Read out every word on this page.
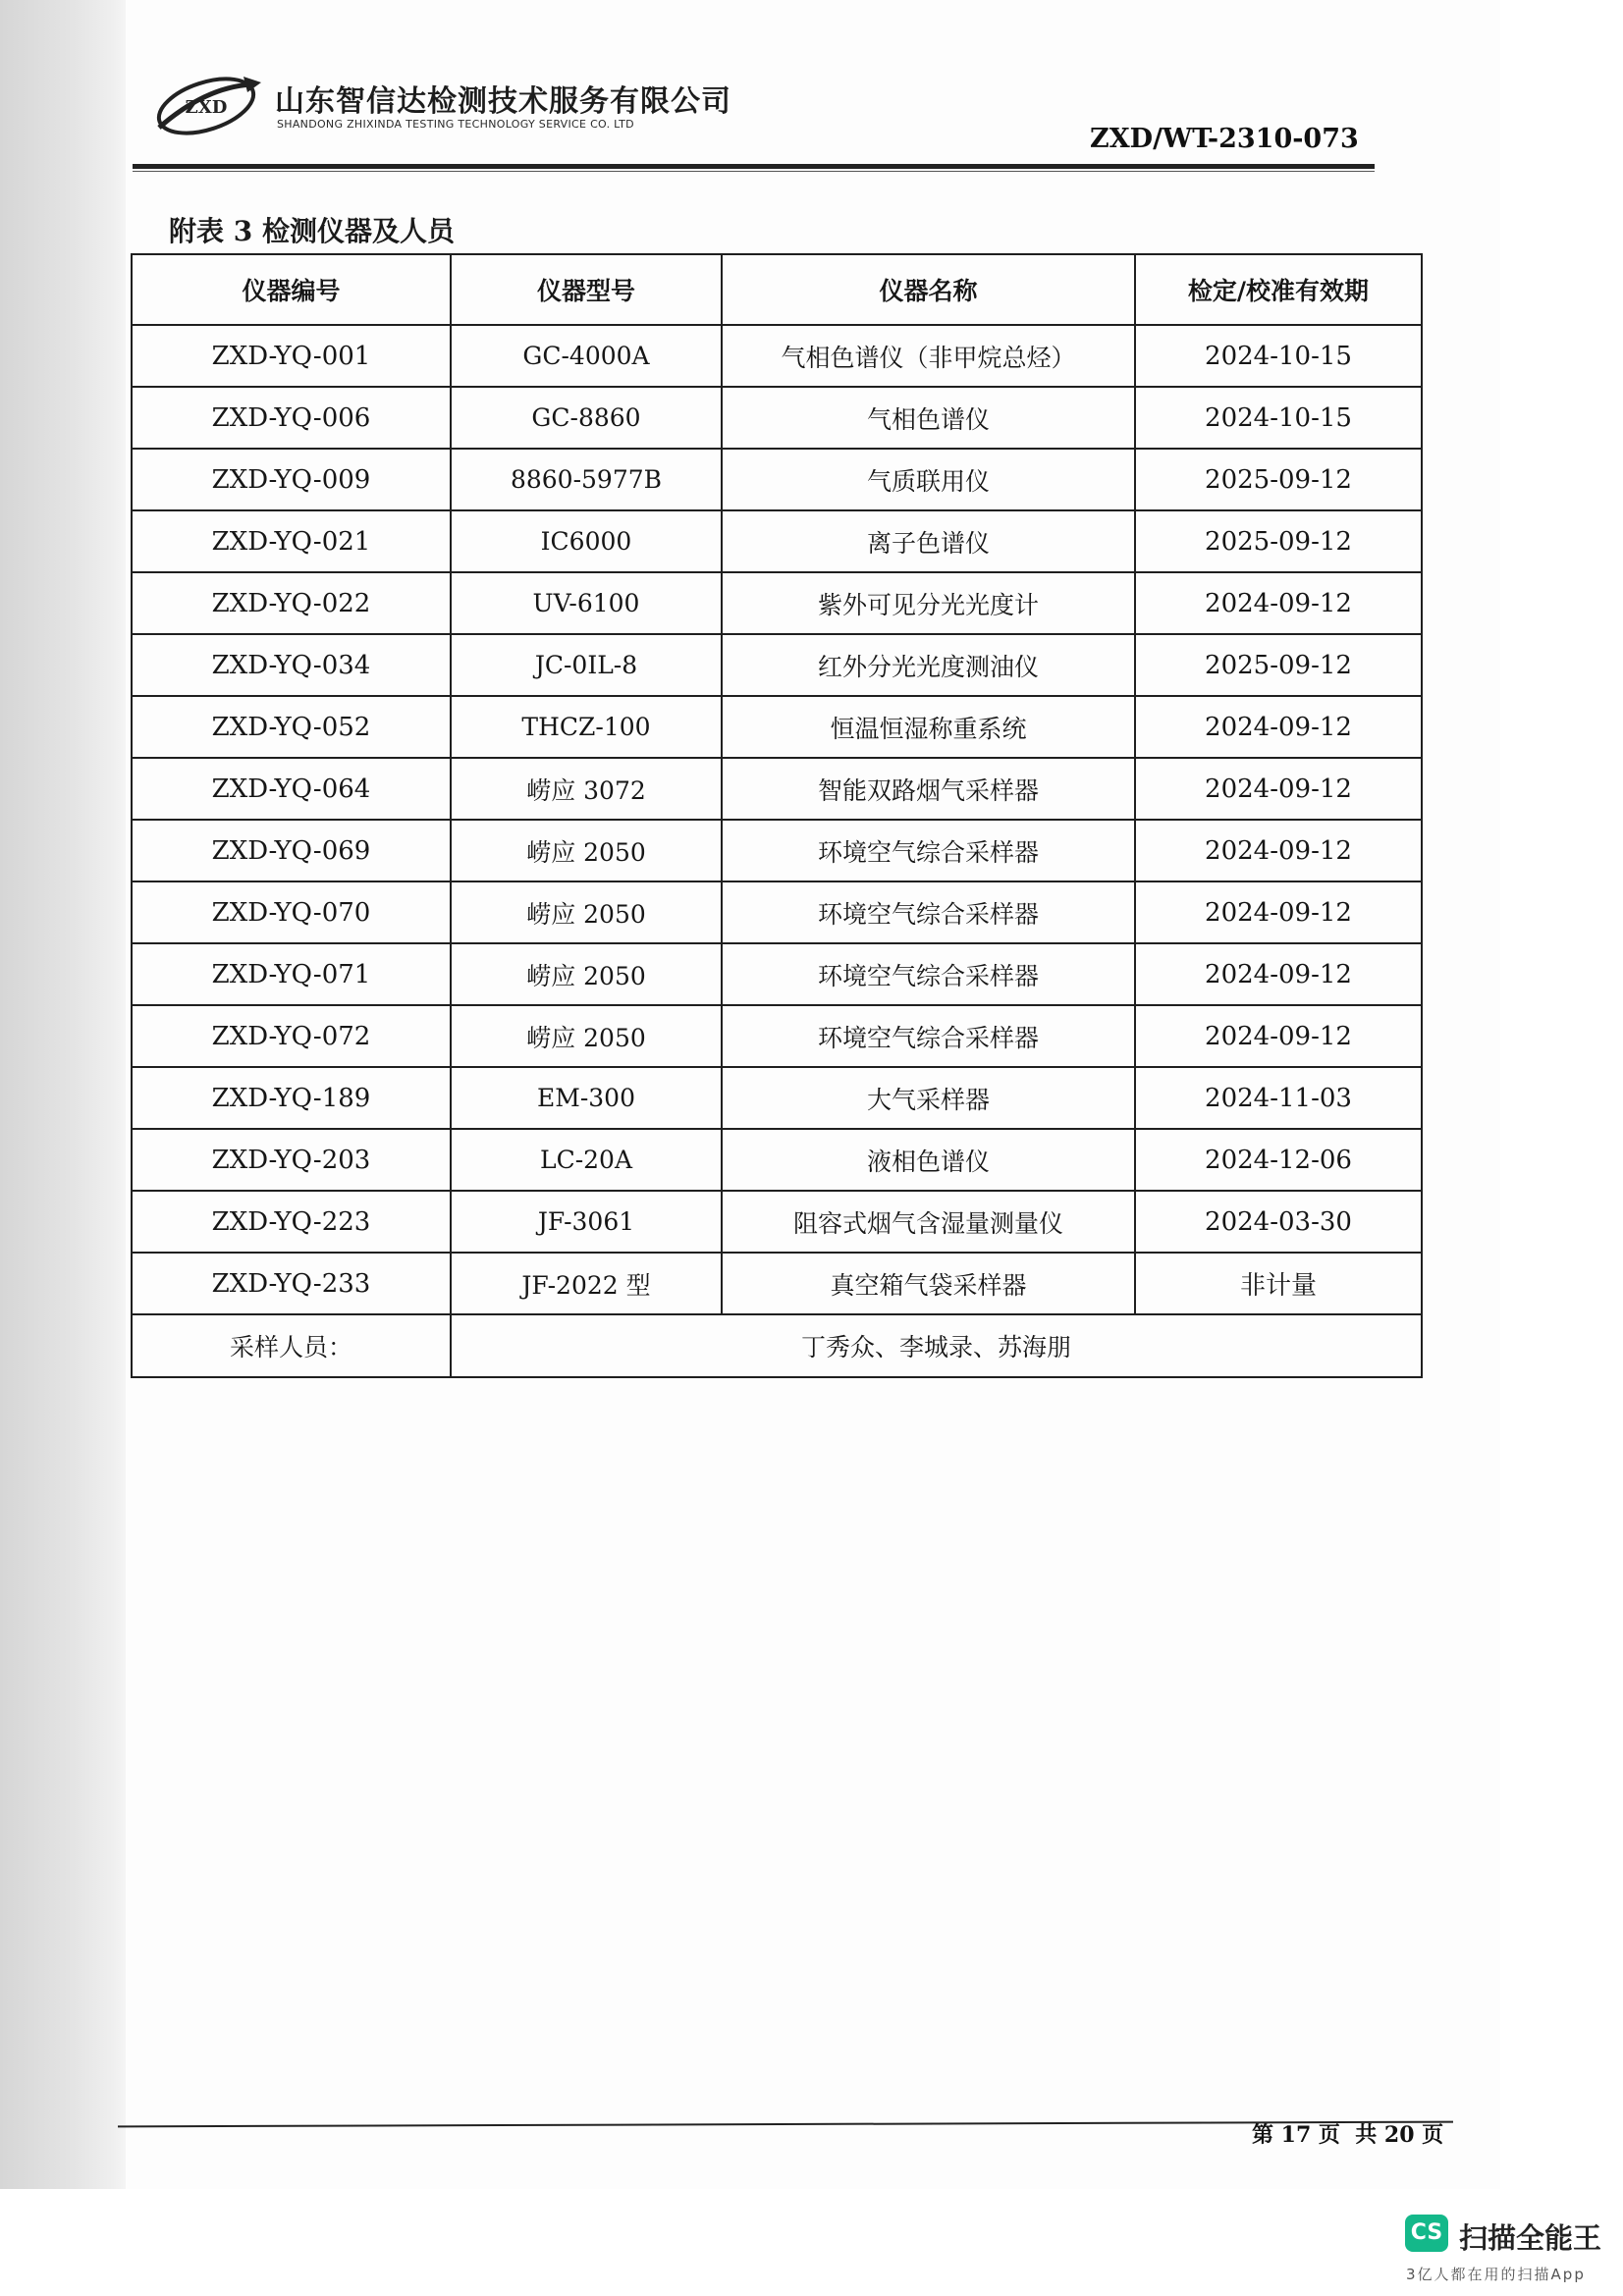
ZXD 山东智信达检测技术服务有限公司
SHANDONG ZHIXINDA TESTING TECHNOLOGY SERVICE CO. LTD	ZXD/WT-2310-073
附表 3 检测仪器及人员
仪器编号	仪器型号	仪器名称	检定/校准有效期
ZXD-YQ-001	GC-4000A	气相色谱仪（非甲烷总烃）	2024-10-15
ZXD-YQ-006	GC-8860	气相色谱仪	2024-10-15
ZXD-YQ-009	8860-5977B	气质联用仪	2025-09-12
ZXD-YQ-021	IC6000	离子色谱仪	2025-09-12
ZXD-YQ-022	UV-6100	紫外可见分光光度计	2024-09-12
ZXD-YQ-034	JC-0IL-8	红外分光光度测油仪	2025-09-12
ZXD-YQ-052	THCZ-100	恒温恒湿称重系统	2024-09-12
ZXD-YQ-064	崂应 3072	智能双路烟气采样器	2024-09-12
ZXD-YQ-069	崂应 2050	环境空气综合采样器	2024-09-12
ZXD-YQ-070	崂应 2050	环境空气综合采样器	2024-09-12
ZXD-YQ-071	崂应 2050	环境空气综合采样器	2024-09-12
ZXD-YQ-072	崂应 2050	环境空气综合采样器	2024-09-12
ZXD-YQ-189	EM-300	大气采样器	2024-11-03
ZXD-YQ-203	LC-20A	液相色谱仪	2024-12-06
ZXD-YQ-223	JF-3061	阻容式烟气含湿量测量仪	2024-03-30
ZXD-YQ-233	JF-2022 型	真空箱气袋采样器	非计量
采样人员：	丁秀众、李城录、苏海朋		
第 17 页  共 20 页
CS 扫描全能王
3亿人都在用的扫描App
